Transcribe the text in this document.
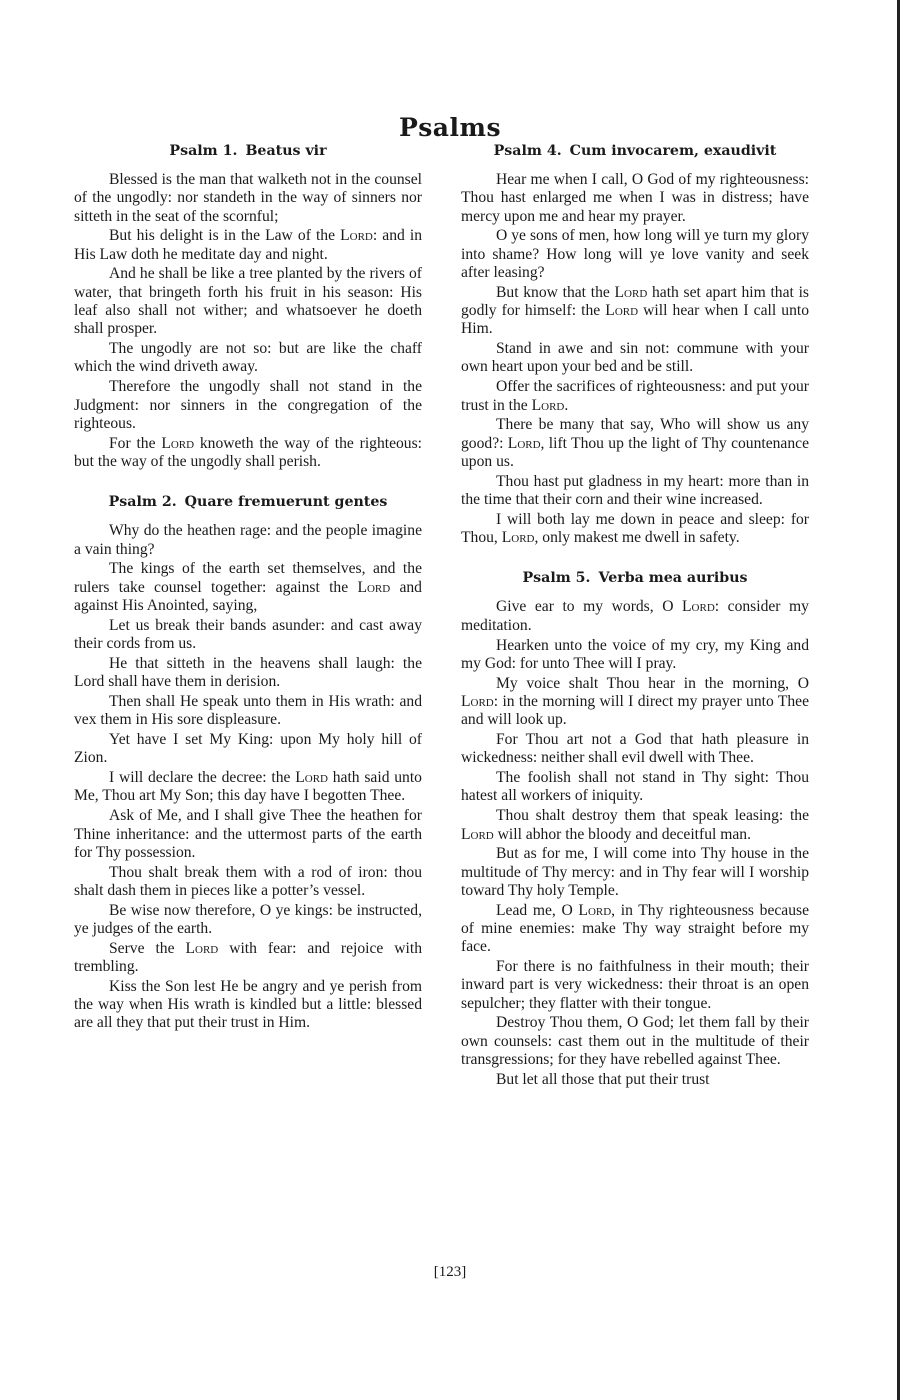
Psalms
Psalm 1. Beatus vir

Blessed is the man that walketh not in the counsel of the ungodly: nor standeth in the way of sinners nor sitteth in the seat of the scornful;

But his delight is in the Law of the Lord: and in His Law doth he meditate day and night.

And he shall be like a tree planted by the rivers of water, that bringeth forth his fruit in his season: His leaf also shall not wither; and whatsoever he doeth shall prosper.

The ungodly are not so: but are like the chaff which the wind driveth away.

Therefore the ungodly shall not stand in the Judgment: nor sinners in the congregation of the righteous.

For the Lord knoweth the way of the righteous: but the way of the ungodly shall perish.

Psalm 2. Quare fremuerunt gentes

Why do the heathen rage: and the people imagine a vain thing?

The kings of the earth set themselves, and the rulers take counsel together: against the Lord and against His Anointed, saying,

Let us break their bands asunder: and cast away their cords from us.

He that sitteth in the heavens shall laugh: the Lord shall have them in derision.

Then shall He speak unto them in His wrath: and vex them in His sore displeasure.

Yet have I set My King: upon My holy hill of Zion.

I will declare the decree: the Lord hath said unto Me, Thou art My Son; this day have I begotten Thee.

Ask of Me, and I shall give Thee the heathen for Thine inheritance: and the uttermost parts of the earth for Thy possession.

Thou shalt break them with a rod of iron: thou shalt dash them in pieces like a potter’s vessel.

Be wise now therefore, O ye kings: be instructed, ye judges of the earth.

Serve the Lord with fear: and rejoice with trembling.

Kiss the Son lest He be angry and ye perish from the way when His wrath is kindled but a little: blessed are all they that put their trust in Him.

Psalm 4. Cum invocarem, exaudivit

Hear me when I call, O God of my righteousness: Thou hast enlarged me when I was in distress; have mercy upon me and hear my prayer.

O ye sons of men, how long will ye turn my glory into shame? How long will ye love vanity and seek after leasing?

But know that the Lord hath set apart him that is godly for himself: the Lord will hear when I call unto Him.

Stand in awe and sin not: commune with your own heart upon your bed and be still.

Offer the sacrifices of righteousness: and put your trust in the Lord.

There be many that say, Who will show us any good?: Lord, lift Thou up the light of Thy countenance upon us.

Thou hast put gladness in my heart: more than in the time that their corn and their wine increased.

I will both lay me down in peace and sleep: for Thou, Lord, only makest me dwell in safety.

Psalm 5. Verba mea auribus

Give ear to my words, O Lord: consider my meditation.

Hearken unto the voice of my cry, my King and my God: for unto Thee will I pray.

My voice shalt Thou hear in the morning, O Lord: in the morning will I direct my prayer unto Thee and will look up.

For Thou art not a God that hath pleasure in wickedness: neither shall evil dwell with Thee.

The foolish shall not stand in Thy sight: Thou hatest all workers of iniquity.

Thou shalt destroy them that speak leasing: the Lord will abhor the bloody and deceitful man.

But as for me, I will come into Thy house in the multitude of Thy mercy: and in Thy fear will I worship toward Thy holy Temple.

Lead me, O Lord, in Thy righteousness because of mine enemies: make Thy way straight before my face.

For there is no faithfulness in their mouth; their inward part is very wickedness: their throat is an open sepulcher; they flatter with their tongue.

Destroy Thou them, O God; let them fall by their own counsels: cast them out in the multitude of their transgressions; for they have rebelled against Thee.

But let all those that put their trust

[123]
